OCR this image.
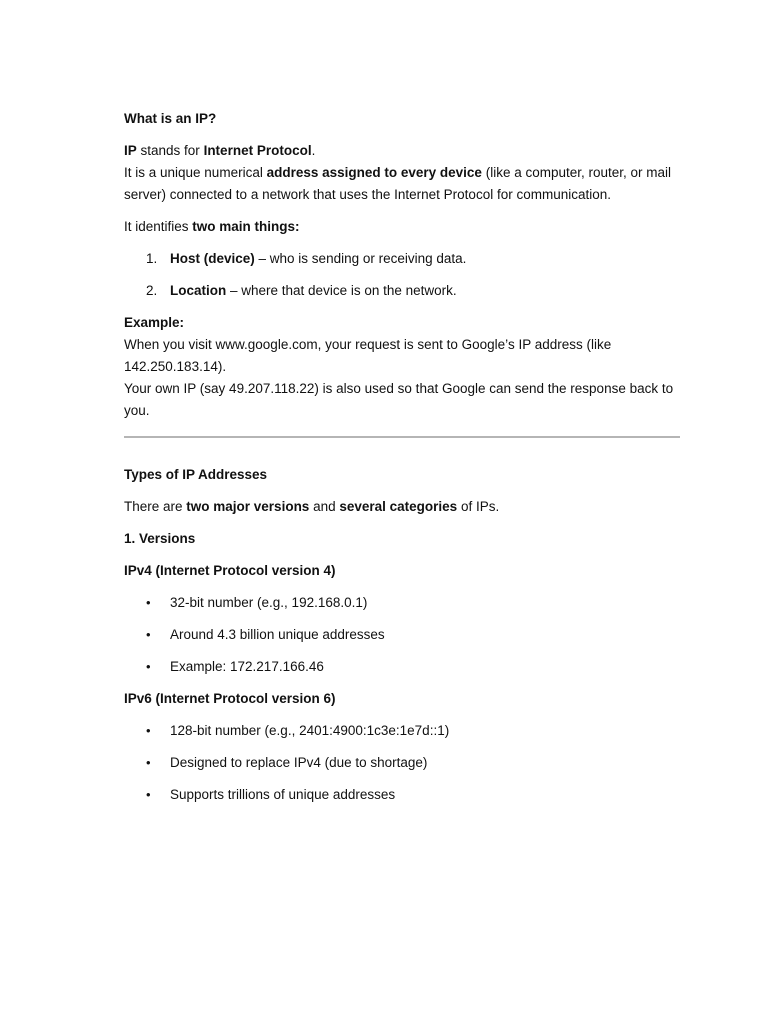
What is an IP?

IP stands for Internet Protocol.

It is a unique numerical address assigned to every device (like a computer, router, or mail server) connected to a network that uses the Internet Protocol for communication.

It identifies two main things:

1. Host (device) – who is sending or receiving data.
2. Location – where that device is on the network.

Example:

When you visit www.google.com, your request is sent to Google’s IP address (like 142.250.183.14).

Your own IP (say 49.207.118.22) is also used so that Google can send the response back to you.

Types of IP Addresses

There are two major versions and several categories of IPs.

1. Versions

IPv4 (Internet Protocol version 4)

• 32-bit number (e.g., 192.168.0.1)
• Around 4.3 billion unique addresses
• Example: 172.217.166.46

IPv6 (Internet Protocol version 6)

• 128-bit number (e.g., 2401:4900:1c3e:1e7d::1)
• Designed to replace IPv4 (due to shortage)
• Supports trillions of unique addresses
